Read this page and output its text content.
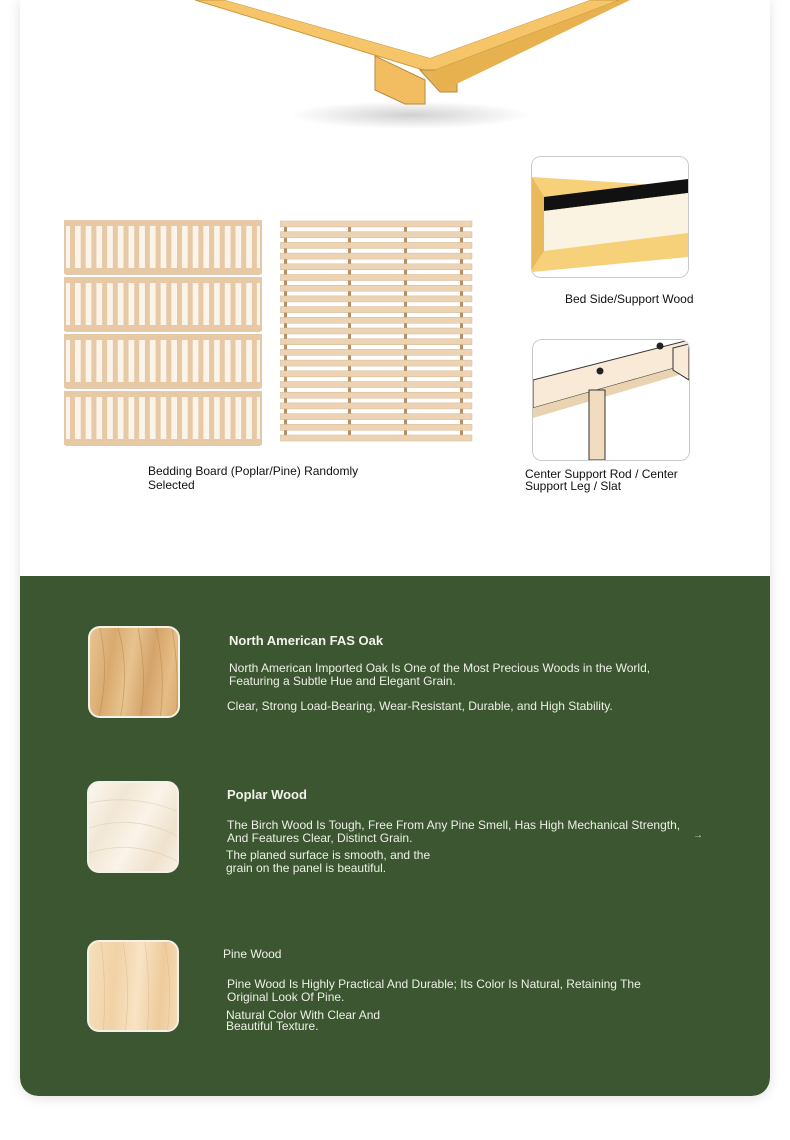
Bedding Board (Poplar/Pine) Randomly Selected
Bed Side/Support Wood
Center Support Rod / Center Support Leg / Slat
North American FAS Oak
North American Imported Oak Is One of the Most Precious Woods in the World, Featuring a Subtle Hue and Elegant Grain.
Clear, Strong Load-Bearing, Wear-Resistant, Durable, and High Stability.
Poplar Wood
The Birch Wood Is Tough, Free From Any Pine Smell, Has High Mechanical Strength, And Features Clear, Distinct Grain.
The planed surface is smooth, and the grain on the panel is beautiful.
→
Pine Wood
Pine Wood Is Highly Practical And Durable; Its Color Is Natural, Retaining The Original Look Of Pine.
Natural Color With Clear And Beautiful Texture.
